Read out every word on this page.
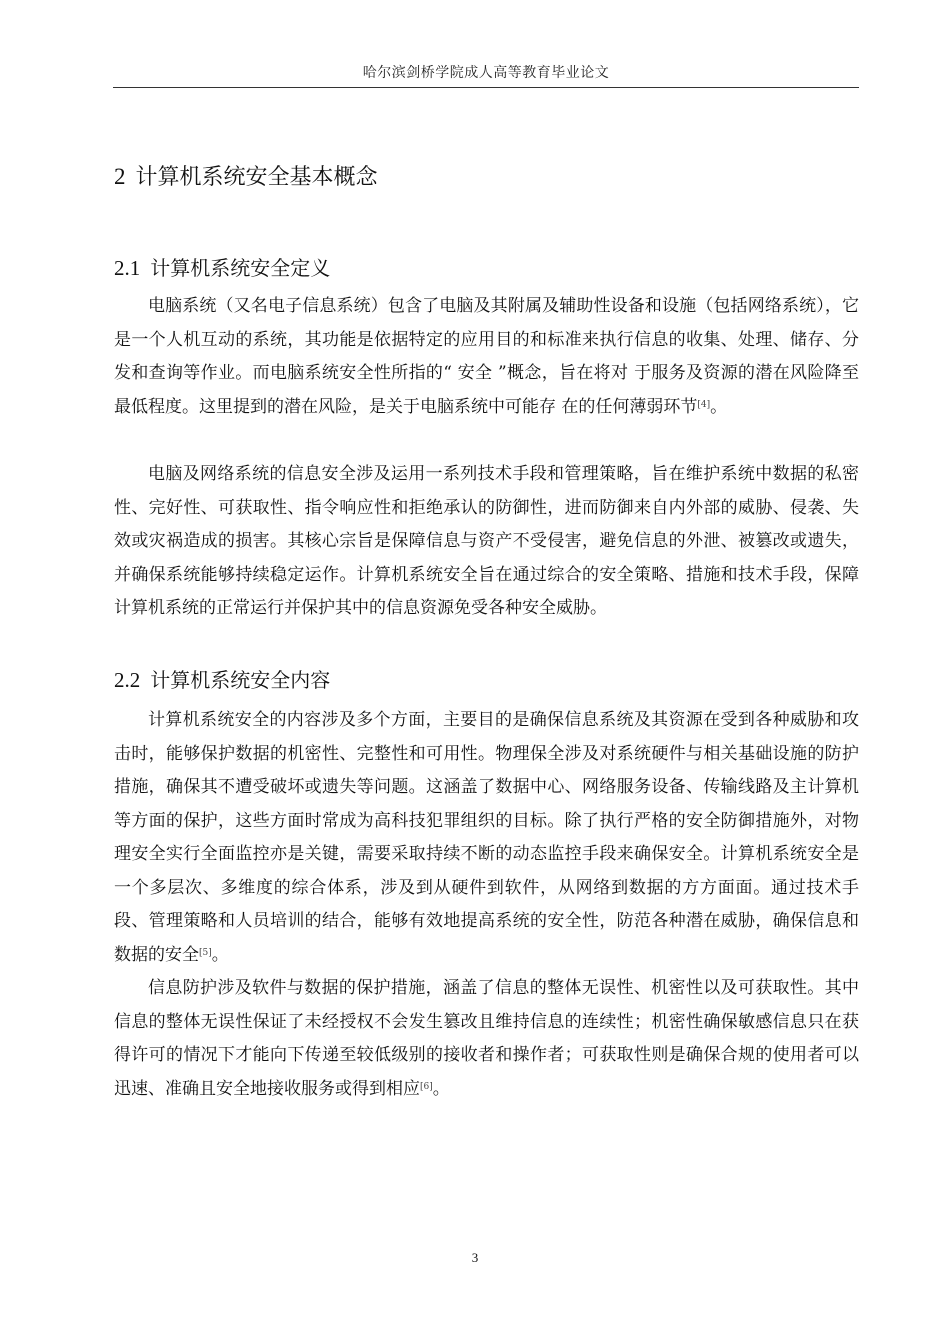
哈尔滨剑桥学院成人高等教育毕业论文
2 计算机系统安全基本概念
2.1 计算机系统安全定义

电脑系统（又名电子信息系统）包含了电脑及其附属及辅助性设备和设施（包括网络系统），它是一个人机互动的系统，其功能是依据特定的应用目的和标准来执行信息的收集、处理、储存、分发和查询等作业。而电脑系统安全性所指的“ 安全 ”概念，旨在将对 于服务及资源的潜在风险降至最低程度。这里提到的潜在风险，是关于电脑系统中可能存 在的任何薄弱环节[4]。

电脑及网络系统的信息安全涉及运用一系列技术手段和管理策略，旨在维护系统中数据的私密性、完好性、可获取性、指令响应性和拒绝承认的防御性，进而防御来自内外部的威胁、侵袭、失效或灾祸造成的损害。其核心宗旨是保障信息与资产不受侵害，避免信息的外泄、被篡改或遗失，并确保系统能够持续稳定运作。计算机系统安全旨在通过综合的安全策略、措施和技术手段，保障计算机系统的正常运行并保护其中的信息资源免受各种安全威胁。

2.2 计算机系统安全内容

计算机系统安全的内容涉及多个方面，主要目的是确保信息系统及其资源在受到各种威胁和攻击时，能够保护数据的机密性、完整性和可用性。物理保全涉及对系统硬件与相关基础设施的防护措施，确保其不遭受破坏或遗失等问题。这涵盖了数据中心、网络服务设备、传输线路及主计算机等方面的保护，这些方面时常成为高科技犯罪组织的目标。除了执行严格的安全防御措施外，对物理安全实行全面监控亦是关键，需要采取持续不断的动态监控手段来确保安全。计算机系统安全是一个多层次、多维度的综合体系，涉及到从硬件到软件，从网络到数据的方方面面。通过技术手段、管理策略和人员培训的结合，能够有效地提高系统的安全性，防范各种潜在威胁，确保信息和数据的安全[5]。

信息防护涉及软件与数据的保护措施，涵盖了信息的整体无误性、机密性以及可获取性。其中信息的整体无误性保证了未经授权不会发生篡改且维持信息的连续性；机密性确保敏感信息只在获得许可的情况下才能向下传递至较低级别的接收者和操作者；可获取性则是确保合规的使用者可以迅速、准确且安全地接收服务或得到相应[6]。

3
